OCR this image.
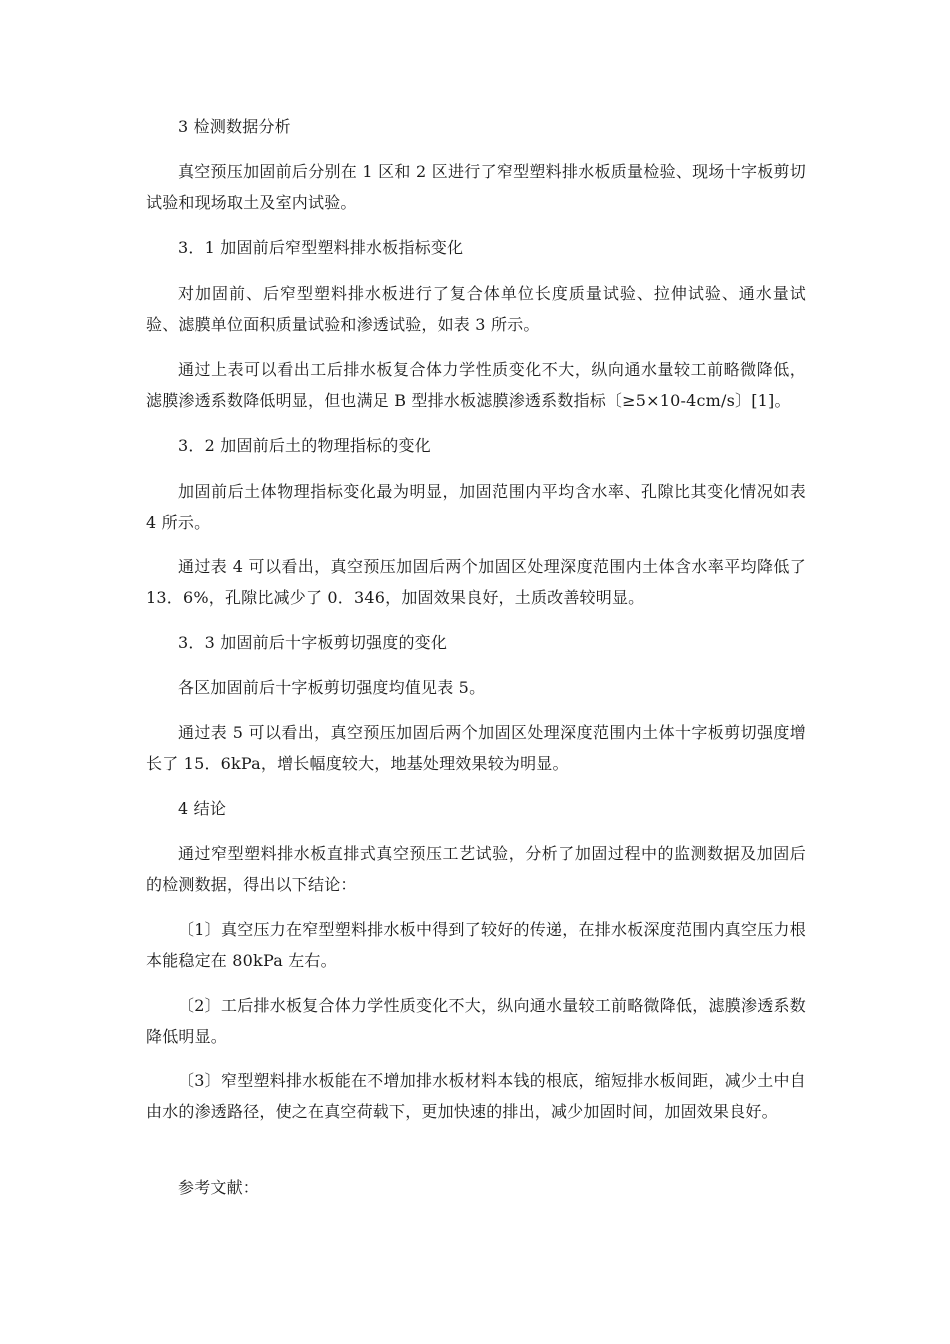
3 检测数据分析

真空预压加固前后分别在 1 区和 2 区进行了窄型塑料排水板质量检验、现场十字板剪切试验和现场取土及室内试验。

3．1 加固前后窄型塑料排水板指标变化

对加固前、后窄型塑料排水板进行了复合体单位长度质量试验、拉伸试验、通水量试验、滤膜单位面积质量试验和渗透试验，如表 3 所示。

通过上表可以看出工后排水板复合体力学性质变化不大，纵向通水量较工前略微降低，滤膜渗透系数降低明显，但也满足 B 型排水板滤膜渗透系数指标〔≥5×10-4cm/s〕[1]。

3．2 加固前后土的物理指标的变化

加固前后土体物理指标变化最为明显，加固范围内平均含水率、孔隙比其变化情况如表 4 所示。

通过表 4 可以看出，真空预压加固后两个加固区处理深度范围内土体含水率平均降低了 13．6%，孔隙比减少了 0．346，加固效果良好，土质改善较明显。

3．3 加固前后十字板剪切强度的变化

各区加固前后十字板剪切强度均值见表 5。

通过表 5 可以看出，真空预压加固后两个加固区处理深度范围内土体十字板剪切强度增长了 15．6kPa，增长幅度较大，地基处理效果较为明显。

4 结论

通过窄型塑料排水板直排式真空预压工艺试验，分析了加固过程中的监测数据及加固后的检测数据，得出以下结论：

〔1〕真空压力在窄型塑料排水板中得到了较好的传递，在排水板深度范围内真空压力根本能稳定在 80kPa 左右。

〔2〕工后排水板复合体力学性质变化不大，纵向通水量较工前略微降低，滤膜渗透系数降低明显。

〔3〕窄型塑料排水板能在不增加排水板材料本钱的根底，缩短排水板间距，减少土中自由水的渗透路径，使之在真空荷载下，更加快速的排出，减少加固时间，加固效果良好。

参考文献：
